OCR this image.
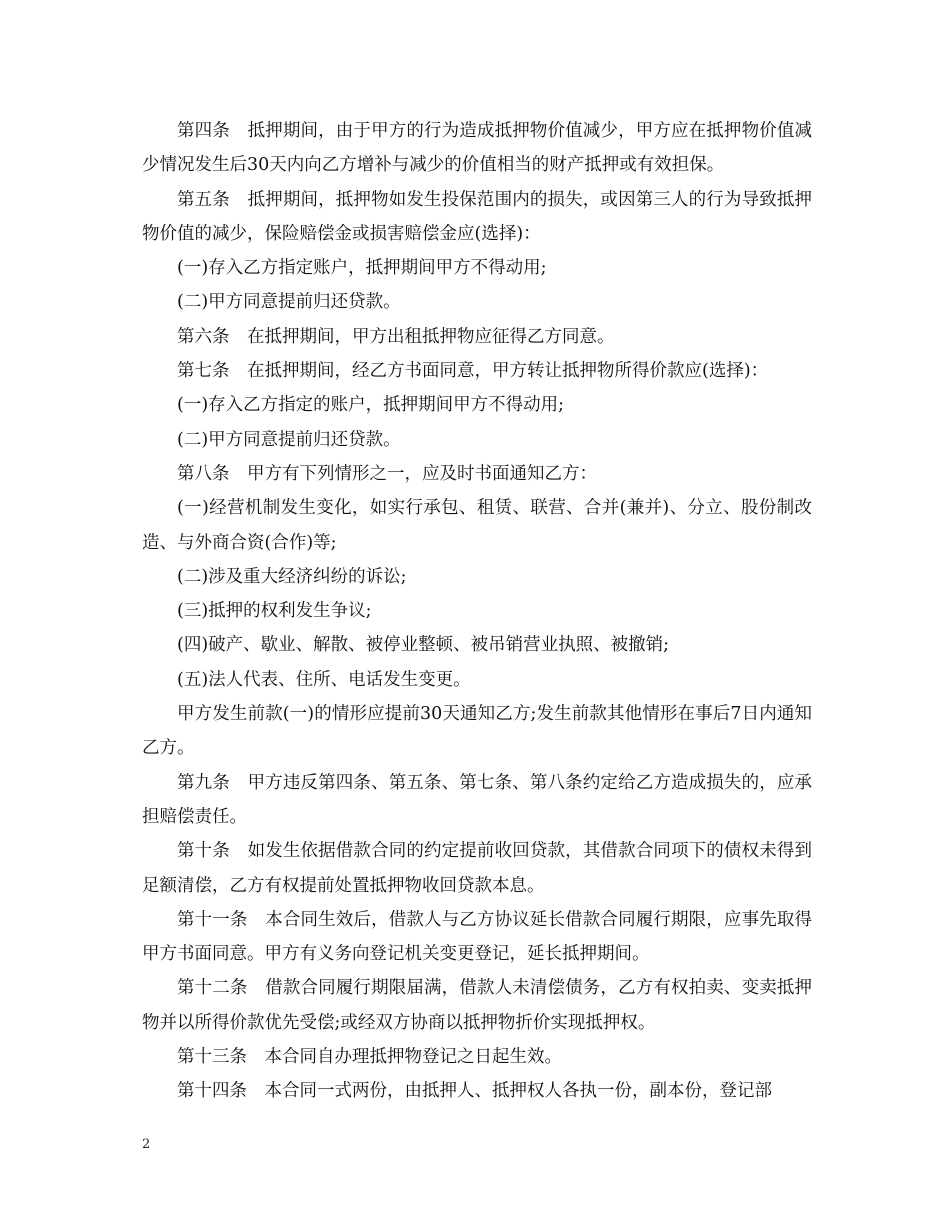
第四条　抵押期间，由于甲方的行为造成抵押物价值减少，甲方应在抵押物价值减少情况发生后30天内向乙方增补与减少的价值相当的财产抵押或有效担保。

第五条　抵押期间，抵押物如发生投保范围内的损失，或因第三人的行为导致抵押物价值的减少，保险赔偿金或损害赔偿金应(选择)：

(一)存入乙方指定账户，抵押期间甲方不得动用;

(二)甲方同意提前归还贷款。

第六条　在抵押期间，甲方出租抵押物应征得乙方同意。

第七条　在抵押期间，经乙方书面同意，甲方转让抵押物所得价款应(选择)：

(一)存入乙方指定的账户，抵押期间甲方不得动用;

(二)甲方同意提前归还贷款。

第八条　甲方有下列情形之一，应及时书面通知乙方：

(一)经营机制发生变化，如实行承包、租赁、联营、合并(兼并)、分立、股份制改造、与外商合资(合作)等;

(二)涉及重大经济纠纷的诉讼;

(三)抵押的权利发生争议;

(四)破产、歇业、解散、被停业整顿、被吊销营业执照、被撤销;

(五)法人代表、住所、电话发生变更。

甲方发生前款(一)的情形应提前30天通知乙方;发生前款其他情形在事后7日内通知乙方。

第九条　甲方违反第四条、第五条、第七条、第八条约定给乙方造成损失的，应承担赔偿责任。

第十条　如发生依据借款合同的约定提前收回贷款，其借款合同项下的债权未得到足额清偿，乙方有权提前处置抵押物收回贷款本息。

第十一条　本合同生效后，借款人与乙方协议延长借款合同履行期限，应事先取得甲方书面同意。甲方有义务向登记机关变更登记，延长抵押期间。

第十二条　借款合同履行期限届满，借款人未清偿债务，乙方有权拍卖、变卖抵押物并以所得价款优先受偿;或经双方协商以抵押物折价实现抵押权。

第十三条　本合同自办理抵押物登记之日起生效。

第十四条　本合同一式两份，由抵押人、抵押权人各执一份，副本份，登记部

2
